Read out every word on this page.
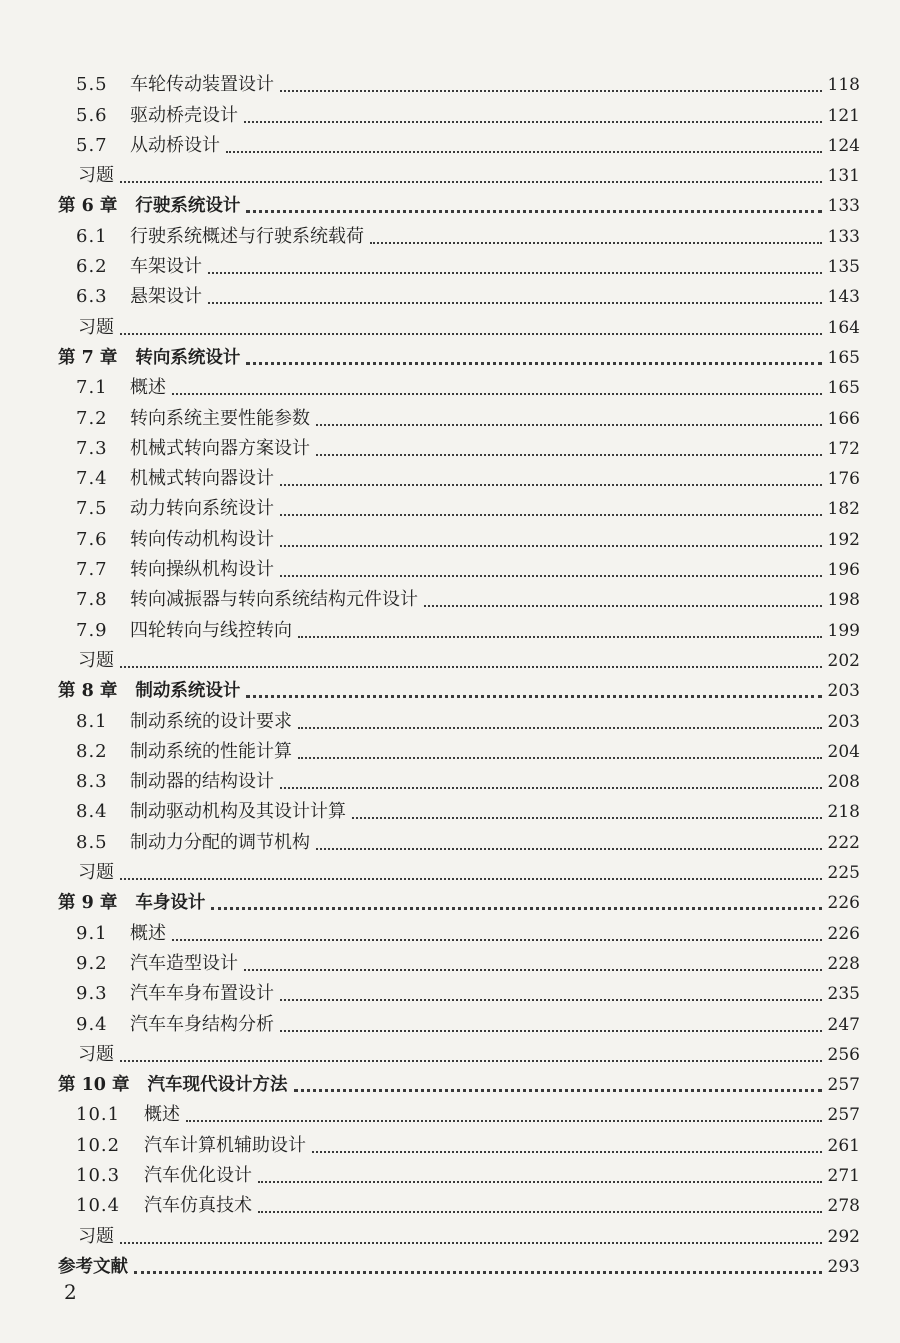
5.5	车轮传动装置设计	118
5.6	驱动桥壳设计	121
5.7	从动桥设计	124
习题	131
第 6 章 行驶系统设计	133
6.1	行驶系统概述与行驶系统载荷	133
6.2	车架设计	135
6.3	悬架设计	143
习题	164
第 7 章 转向系统设计	165
7.1	概述	165
7.2	转向系统主要性能参数	166
7.3	机械式转向器方案设计	172
7.4	机械式转向器设计	176
7.5	动力转向系统设计	182
7.6	转向传动机构设计	192
7.7	转向操纵机构设计	196
7.8	转向减振器与转向系统结构元件设计	198
7.9	四轮转向与线控转向	199
习题	202
第 8 章 制动系统设计	203
8.1	制动系统的设计要求	203
8.2	制动系统的性能计算	204
8.3	制动器的结构设计	208
8.4	制动驱动机构及其设计计算	218
8.5	制动力分配的调节机构	222
习题	225
第 9 章 车身设计	226
9.1	概述	226
9.2	汽车造型设计	228
9.3	汽车车身布置设计	235
9.4	汽车车身结构分析	247
习题	256
第 10 章 汽车现代设计方法	257
10.1	概述	257
10.2	汽车计算机辅助设计	261
10.3	汽车优化设计	271
10.4	汽车仿真技术	278
习题	292
参考文献	293
2
